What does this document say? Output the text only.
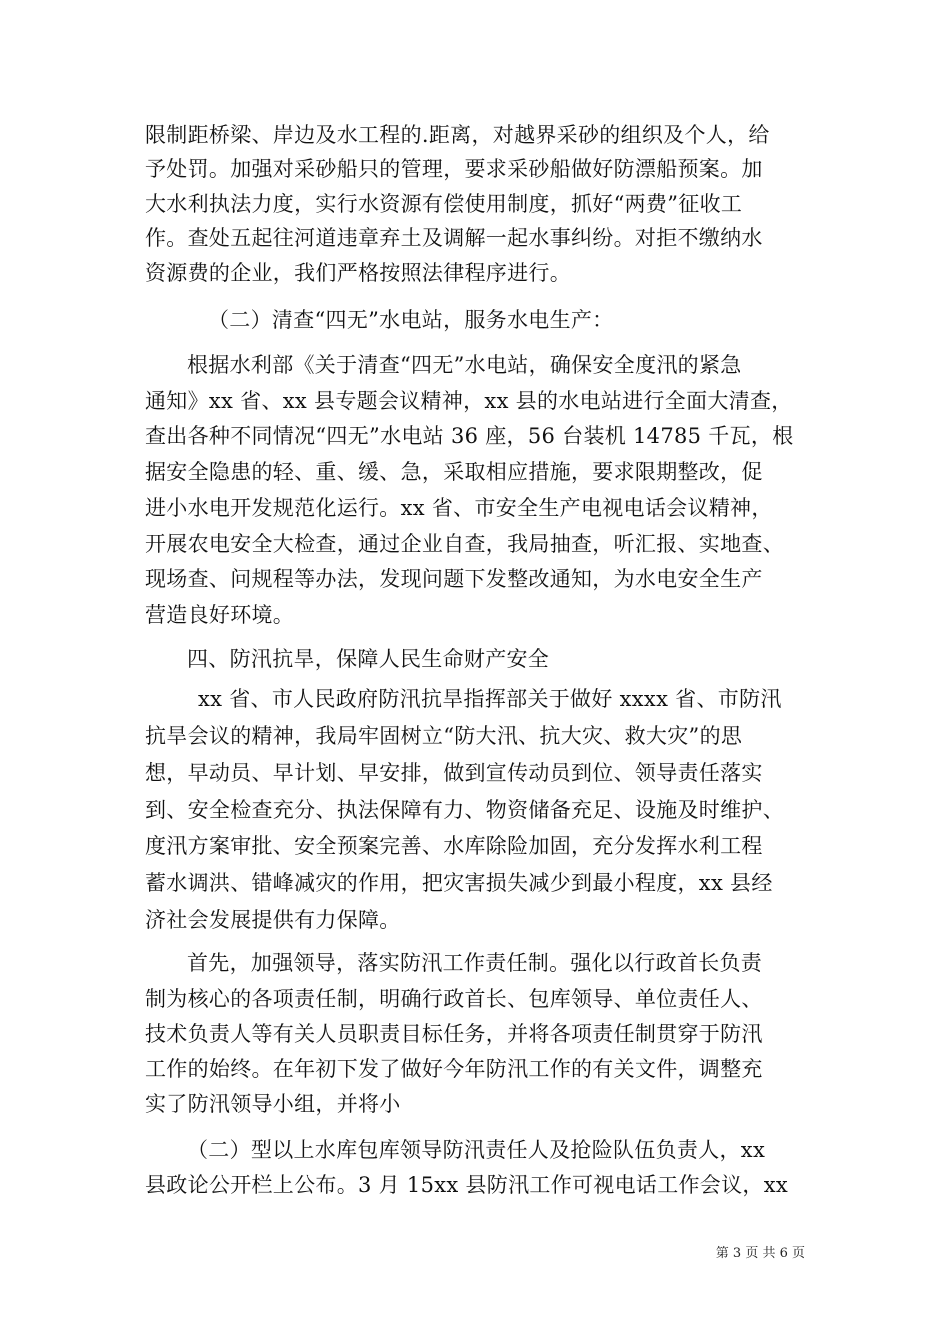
限制距桥梁、岸边及水工程的.距离，对越界采砂的组织及个人，给
予处罚。加强对采砂船只的管理，要求采砂船做好防漂船预案。加
大水利执法力度，实行水资源有偿使用制度，抓好“两费”征收工
作。查处五起往河道违章弃土及调解一起水事纠纷。对拒不缴纳水
资源费的企业，我们严格按照法律程序进行。
（二）清查“四无”水电站，服务水电生产：
根据水利部《关于清查“四无”水电站，确保安全度汛的紧急
通知》xx 省、xx 县专题会议精神，xx 县的水电站进行全面大清查，
查出各种不同情况“四无”水电站 36 座，56 台装机 14785 千瓦，根
据安全隐患的轻、重、缓、急，采取相应措施，要求限期整改，促
进小水电开发规范化运行。xx 省、市安全生产电视电话会议精神，
开展农电安全大检查，通过企业自查，我局抽查，听汇报、实地查、
现场查、问规程等办法，发现问题下发整改通知，为水电安全生产
营造良好环境。
四、防汛抗旱，保障人民生命财产安全
xx 省、市人民政府防汛抗旱指挥部关于做好 xxxx 省、市防汛
抗旱会议的精神，我局牢固树立“防大汛、抗大灾、救大灾”的思
想，早动员、早计划、早安排，做到宣传动员到位、领导责任落实
到、安全检查充分、执法保障有力、物资储备充足、设施及时维护、
度汛方案审批、安全预案完善、水库除险加固，充分发挥水利工程
蓄水调洪、错峰减灾的作用，把灾害损失减少到最小程度，xx 县经
济社会发展提供有力保障。
首先，加强领导，落实防汛工作责任制。强化以行政首长负责
制为核心的各项责任制，明确行政首长、包库领导、单位责任人、
技术负责人等有关人员职责目标任务，并将各项责任制贯穿于防汛
工作的始终。在年初下发了做好今年防汛工作的有关文件，调整充
实了防汛领导小组，并将小
（二）型以上水库包库领导防汛责任人及抢险队伍负责人，xx
县政论公开栏上公布。3 月 15xx 县防汛工作可视电话工作会议，xx
第 3 页 共 6 页
